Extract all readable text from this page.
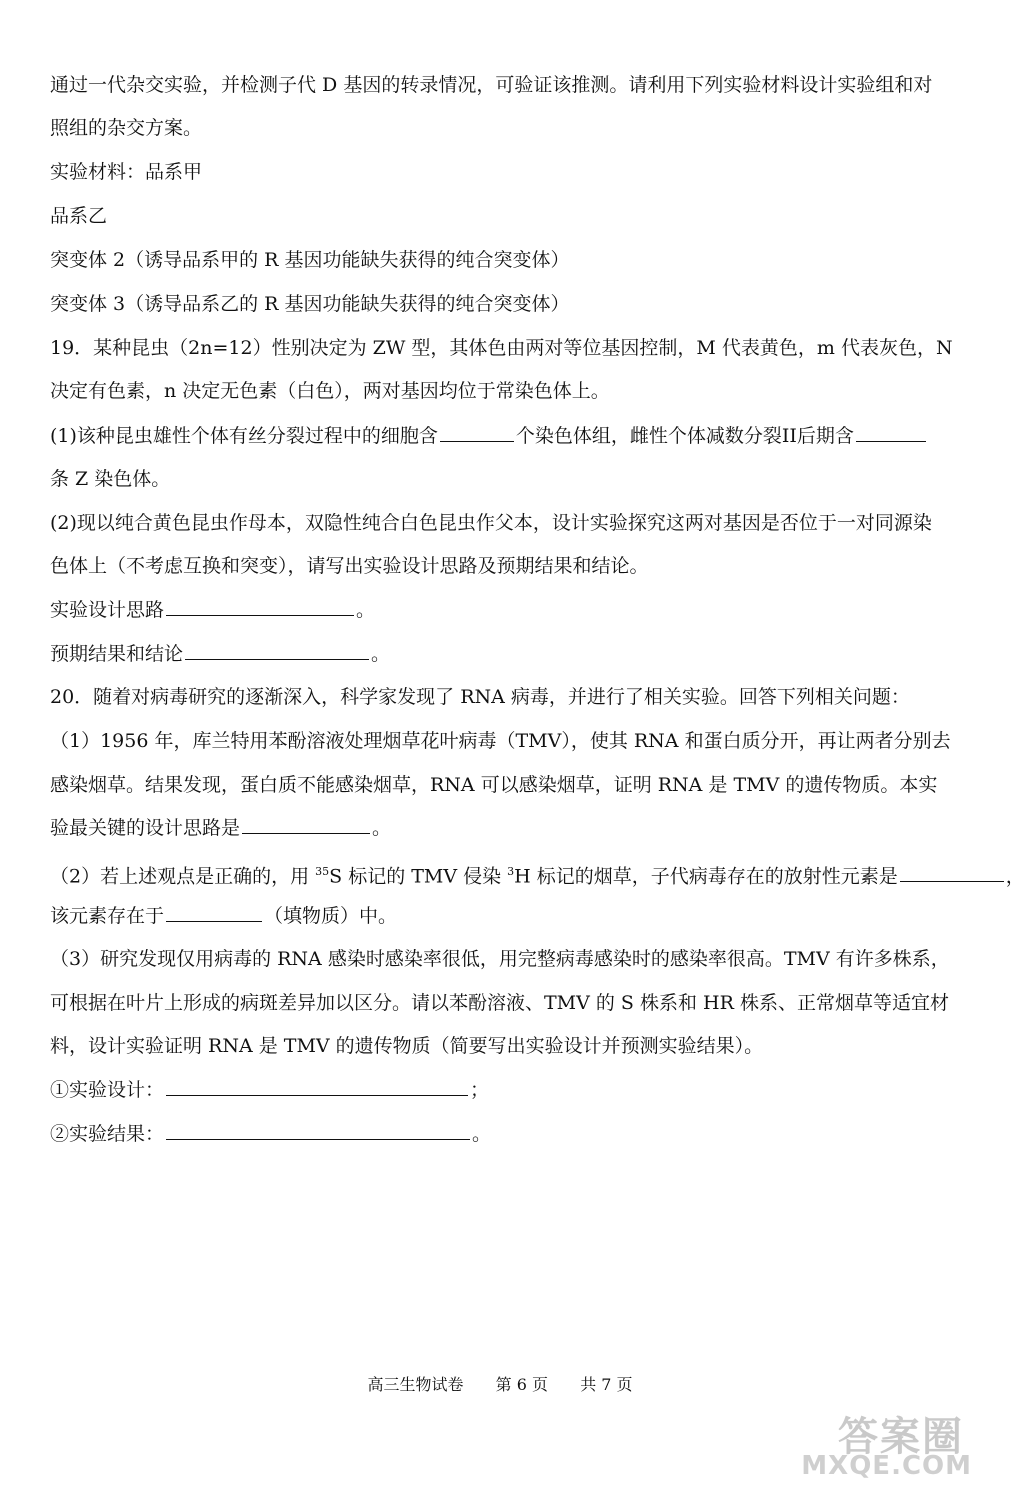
通过一代杂交实验，并检测子代 D 基因的转录情况，可验证该推测。请利用下列实验材料设计实验组和对
照组的杂交方案。
实验材料：品系甲
品系乙
突变体 2（诱导品系甲的 R 基因功能缺失获得的纯合突变体）
突变体 3（诱导品系乙的 R 基因功能缺失获得的纯合突变体）
19．某种昆虫（2n=12）性别决定为 ZW 型，其体色由两对等位基因控制，M 代表黄色，m 代表灰色，N
决定有色素，n 决定无色素（白色），两对基因均位于常染色体上。
(1)该种昆虫雄性个体有丝分裂过程中的细胞含	个染色体组，雌性个体减数分裂II后期含
条 Z 染色体。
(2)现以纯合黄色昆虫作母本，双隐性纯合白色昆虫作父本，设计实验探究这两对基因是否位于一对同源染
色体上（不考虑互换和突变），请写出实验设计思路及预期结果和结论。
实验设计思路	。
预期结果和结论	。
20．随着对病毒研究的逐渐深入，科学家发现了 RNA 病毒，并进行了相关实验。回答下列相关问题：
（1）1956 年，库兰特用苯酚溶液处理烟草花叶病毒（TMV），使其 RNA 和蛋白质分开，再让两者分别去
感染烟草。结果发现，蛋白质不能感染烟草，RNA 可以感染烟草，证明 RNA 是 TMV 的遗传物质。本实
验最关键的设计思路是	。
（2）若上述观点是正确的，用 $^{35}$S 标记的 TMV 侵染 $^3$H 标记的烟草，子代病毒存在的放射性元素是	，
该元素存在于	（填物质）中。
（3）研究发现仅用病毒的 RNA 感染时感染率很低，用完整病毒感染时的感染率很高。TMV 有许多株系，
可根据在叶片上形成的病斑差异加以区分。请以苯酚溶液、TMV 的 S 株系和 HR 株系、正常烟草等适宜材
料，设计实验证明 RNA 是 TMV 的遗传物质（简要写出实验设计并预测实验结果）。
①实验设计：	；
②实验结果：	。
高三生物试卷 第 6 页 共 7 页
答案圈
MXQE.COM
